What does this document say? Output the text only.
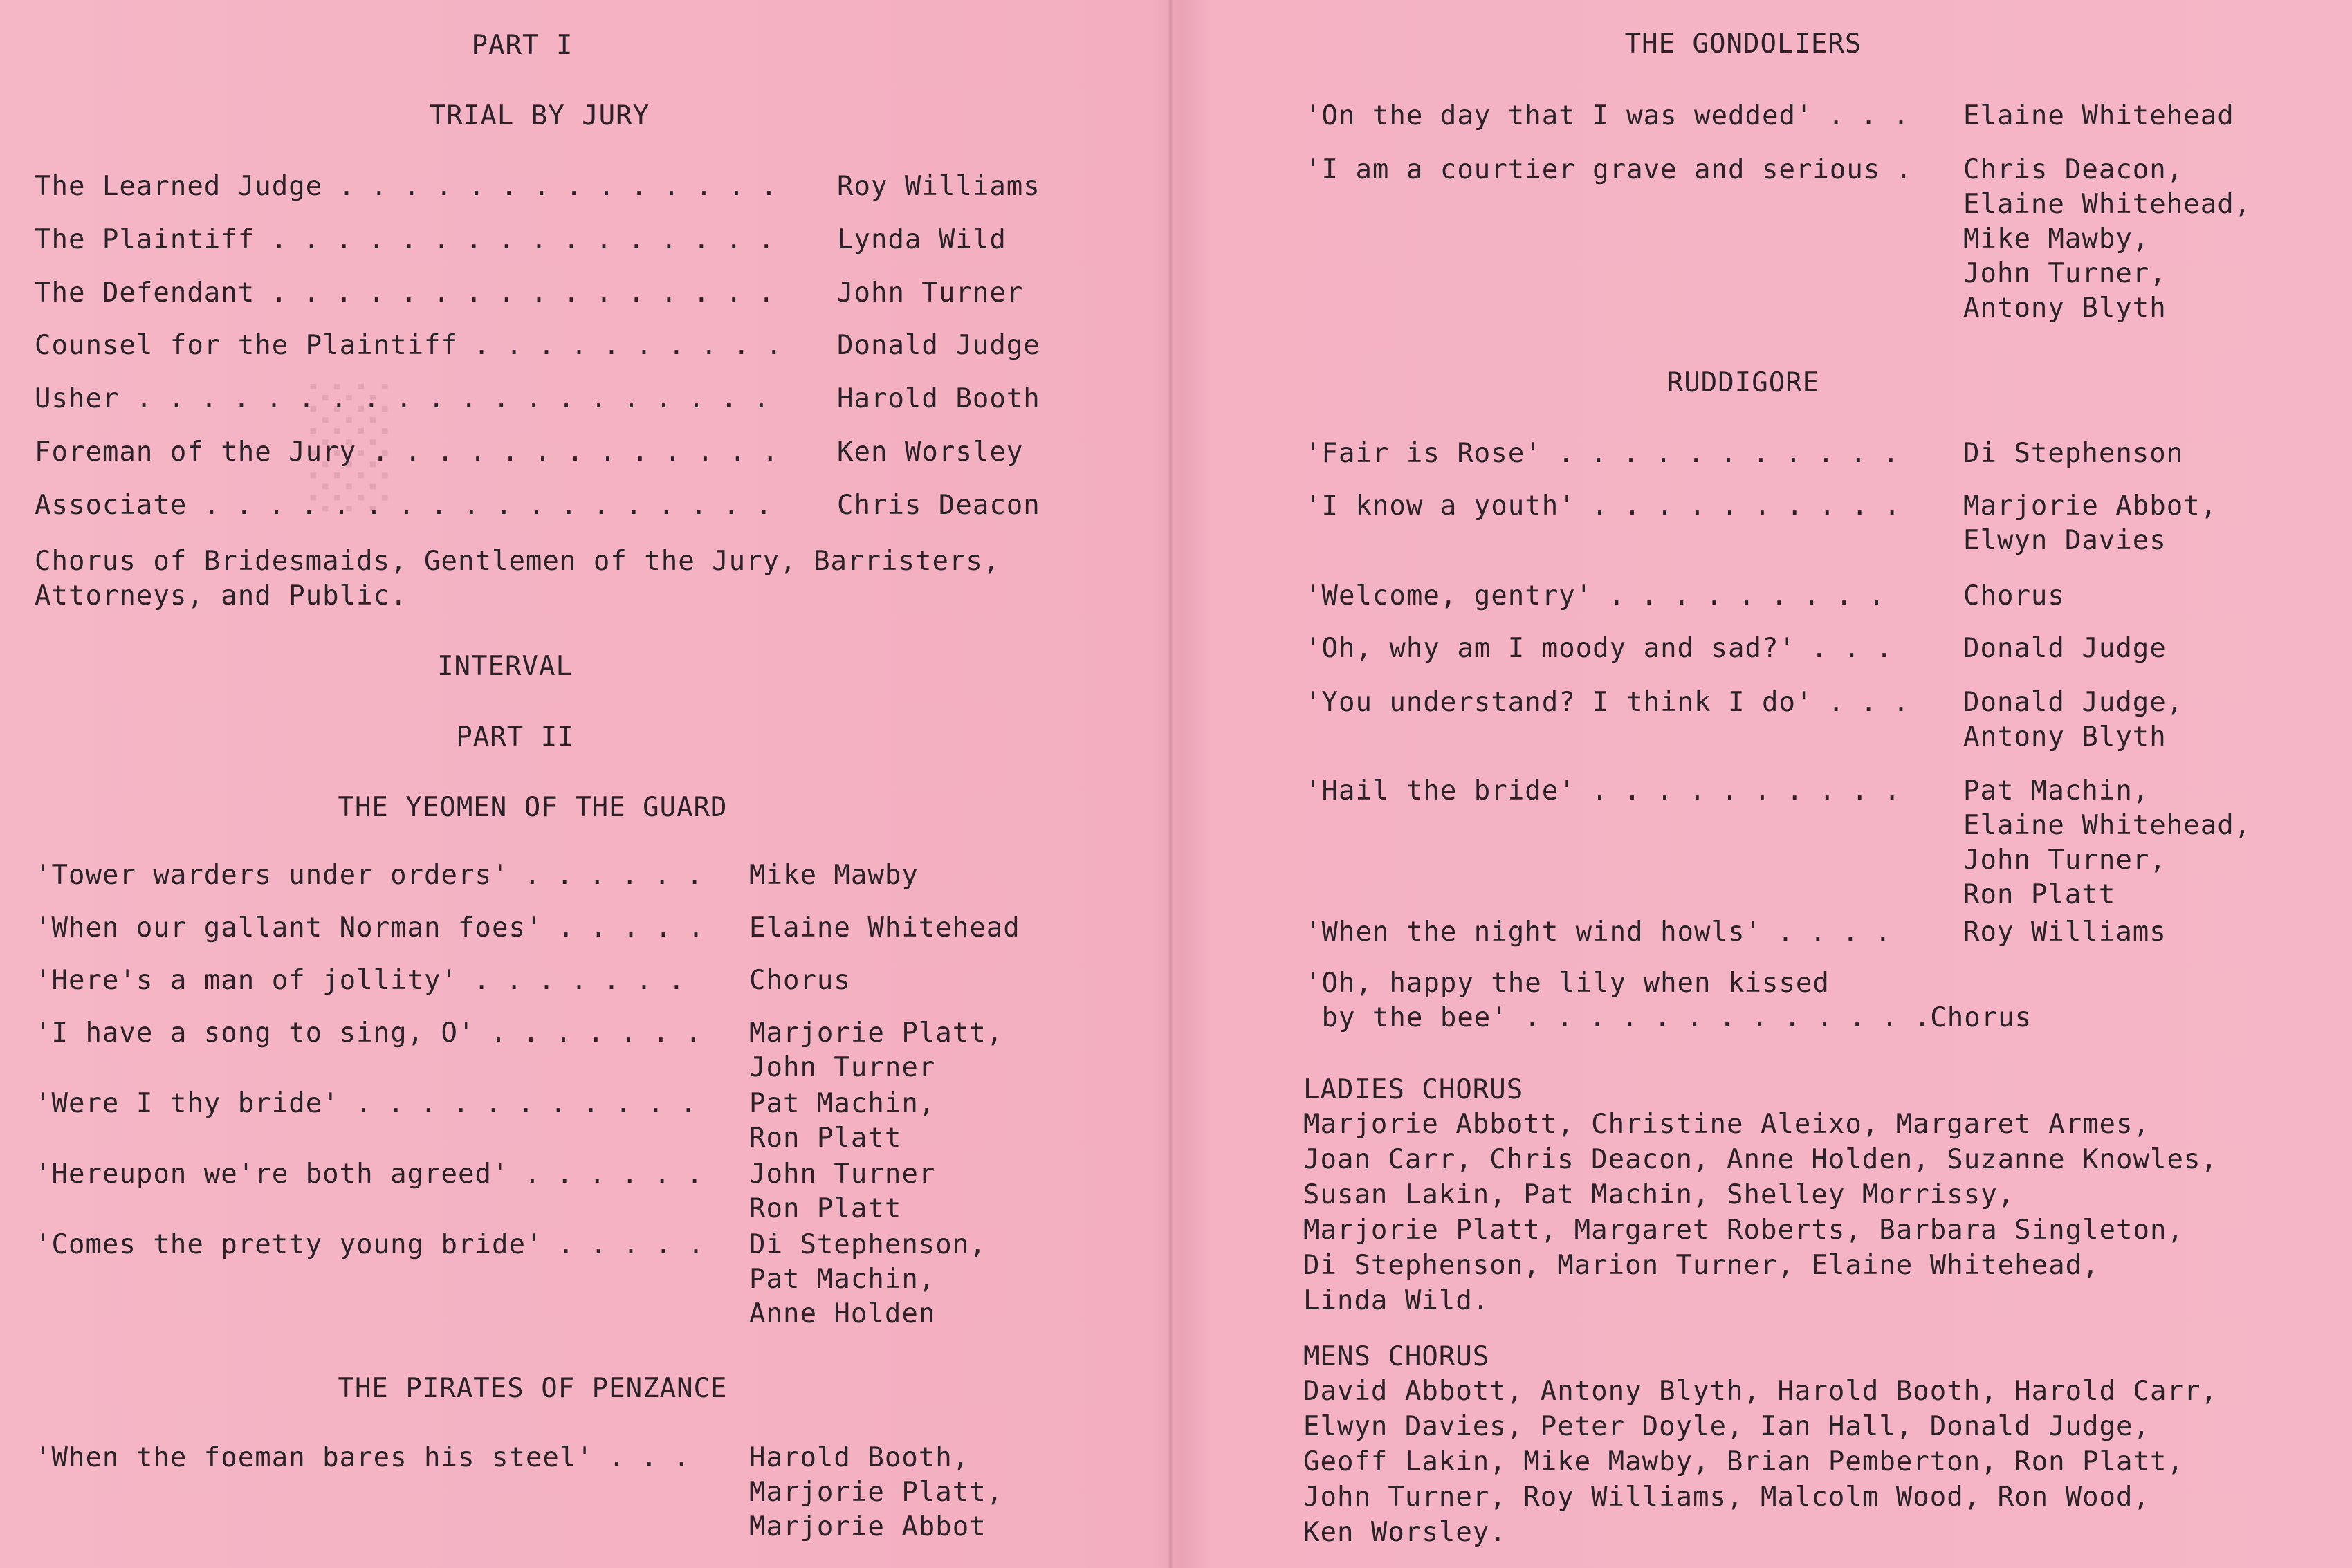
░
PART I
TRIAL BY JURY
The Learned Judge . . . . . . . . . . . . . . Roy Williams
The Plaintiff . . . . . . . . . . . . . . . . Lynda Wild
The Defendant . . . . . . . . . . . . . . . . John Turner
Counsel for the Plaintiff . . . . . . . . . . Donald Judge
Usher . . . . . . . . . . . . . . . . . . . .	Harold Booth
Foreman of the Jury . . . . . . . . . . . . . Ken Worsley
Associate . . . . . . . . . . . . . . . . . . Chris Deacon
Chorus of Bridesmaids, Gentlemen of the Jury, Barristers,
Attorneys, and Public.
INTERVAL
PART II
THE YEOMEN OF THE GUARD
'Tower warders under orders' . . . . . . Mike Mawby
'When our gallant Norman foes' . . . . . Elaine Whitehead
'Here's a man of jollity' . . . . . . . Chorus
'I have a song to sing, O' . . . . . . . Marjorie Platt,
John Turner
'Were I thy bride' . . . . . . . . . . . Pat Machin,
Ron Platt
'Hereupon we're both agreed' . . . . . . John Turner
Ron Platt
'Comes the pretty young bride' . . . . . Di Stephenson,
Pat Machin,
Anne Holden
THE PIRATES OF PENZANCE
'When the foeman bares his steel' . . . Harold Booth,
Marjorie Platt,
Marjorie Abbot
THE GONDOLIERS
'On the day that I was wedded' . . . Elaine Whitehead
'I am a courtier grave and serious . Chris Deacon,
Elaine Whitehead,
Mike Mawby,
John Turner,
Antony Blyth
RUDDIGORE
'Fair is Rose' . . . . . . . . . . . Di Stephenson
'I know a youth' . . . . . . . . . . Marjorie Abbot,
Elwyn Davies
'Welcome, gentry' . . . . . . . . .	Chorus
'Oh, why am I moody and sad?' . . .	Donald Judge
'You understand? I think I do' . . . Donald Judge,
Antony Blyth
'Hail the bride' . . . . . . . . . . Pat Machin,
Elaine Whitehead,
John Turner,
Ron Platt
'When the night wind howls' . . . .	Roy Williams
'Oh, happy the lily when kissed
by the bee' . . . . . . . . . . . . .Chorus
LADIES CHORUS
Marjorie Abbott, Christine Aleixo, Margaret Armes,
Joan Carr, Chris Deacon, Anne Holden, Suzanne Knowles,
Susan Lakin, Pat Machin, Shelley Morrissy,
Marjorie Platt, Margaret Roberts, Barbara Singleton,
Di Stephenson, Marion Turner, Elaine Whitehead,
Linda Wild.
MENS CHORUS
David Abbott, Antony Blyth, Harold Booth, Harold Carr,
Elwyn Davies, Peter Doyle, Ian Hall, Donald Judge,
Geoff Lakin, Mike Mawby, Brian Pemberton, Ron Platt,
John Turner, Roy Williams, Malcolm Wood, Ron Wood,
Ken Worsley.
